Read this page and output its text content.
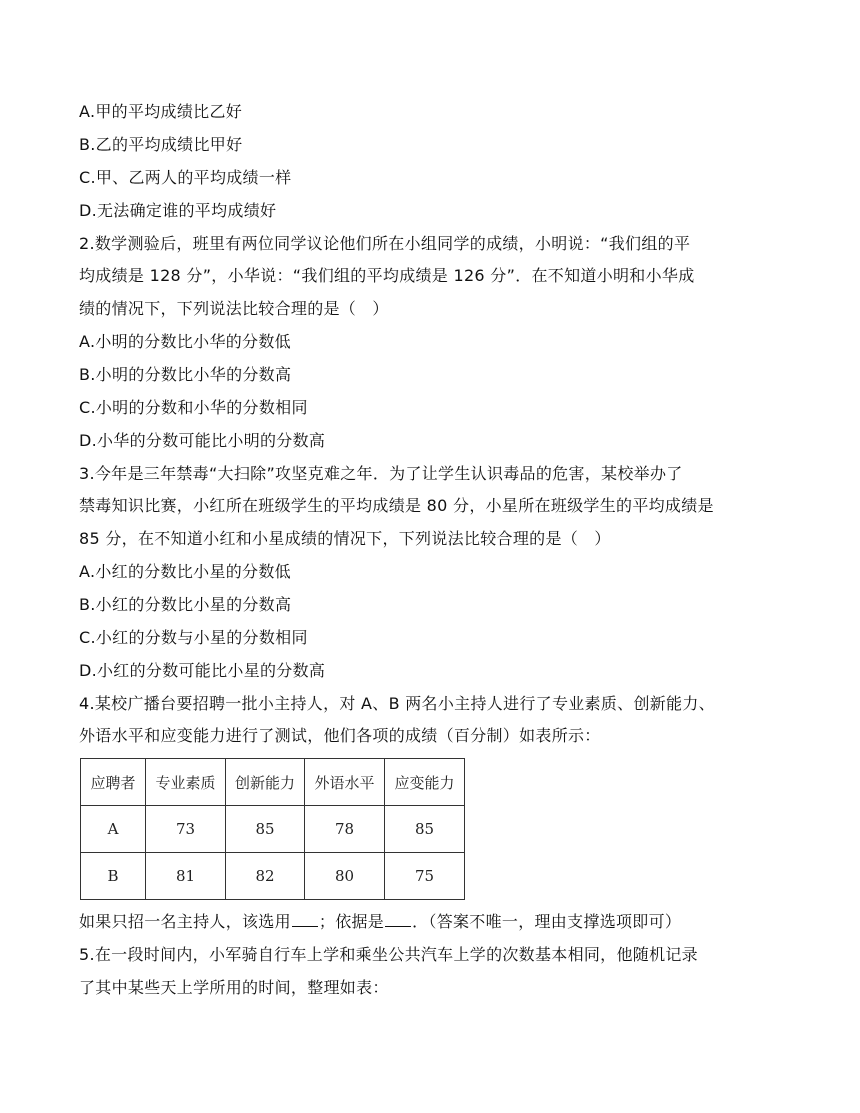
A.甲的平均成绩比乙好
B.乙的平均成绩比甲好
C.甲、乙两人的平均成绩一样
D.无法确定谁的平均成绩好
2.数学测验后，班里有两位同学议论他们所在小组同学的成绩，小明说：“我们组的平
均成绩是 128 分”，小华说：“我们组的平均成绩是 126 分”．在不知道小明和小华成
绩的情况下，下列说法比较合理的是（　）
A.小明的分数比小华的分数低
B.小明的分数比小华的分数高
C.小明的分数和小华的分数相同
D.小华的分数可能比小明的分数高
3.今年是三年禁毒“大扫除”攻坚克难之年．为了让学生认识毒品的危害，某校举办了
禁毒知识比赛，小红所在班级学生的平均成绩是 80 分，小星所在班级学生的平均成绩是
85 分，在不知道小红和小星成绩的情况下，下列说法比较合理的是（　）
A.小红的分数比小星的分数低
B.小红的分数比小星的分数高
C.小红的分数与小星的分数相同
D.小红的分数可能比小星的分数高
4.某校广播台要招聘一批小主持人，对 A、B 两名小主持人进行了专业素质、创新能力、
外语水平和应变能力进行了测试，他们各项的成绩（百分制）如表所示：
应聘者	专业素质	创新能力	外语水平	应变能力
A	73	85	78	85
B	81	82	80	75
如果只招一名主持人，该选用 ；依据是 ．（答案不唯一，理由支撑选项即可）
5.在一段时间内，小军骑自行车上学和乘坐公共汽车上学的次数基本相同，他随机记录
了其中某些天上学所用的时间，整理如表：
